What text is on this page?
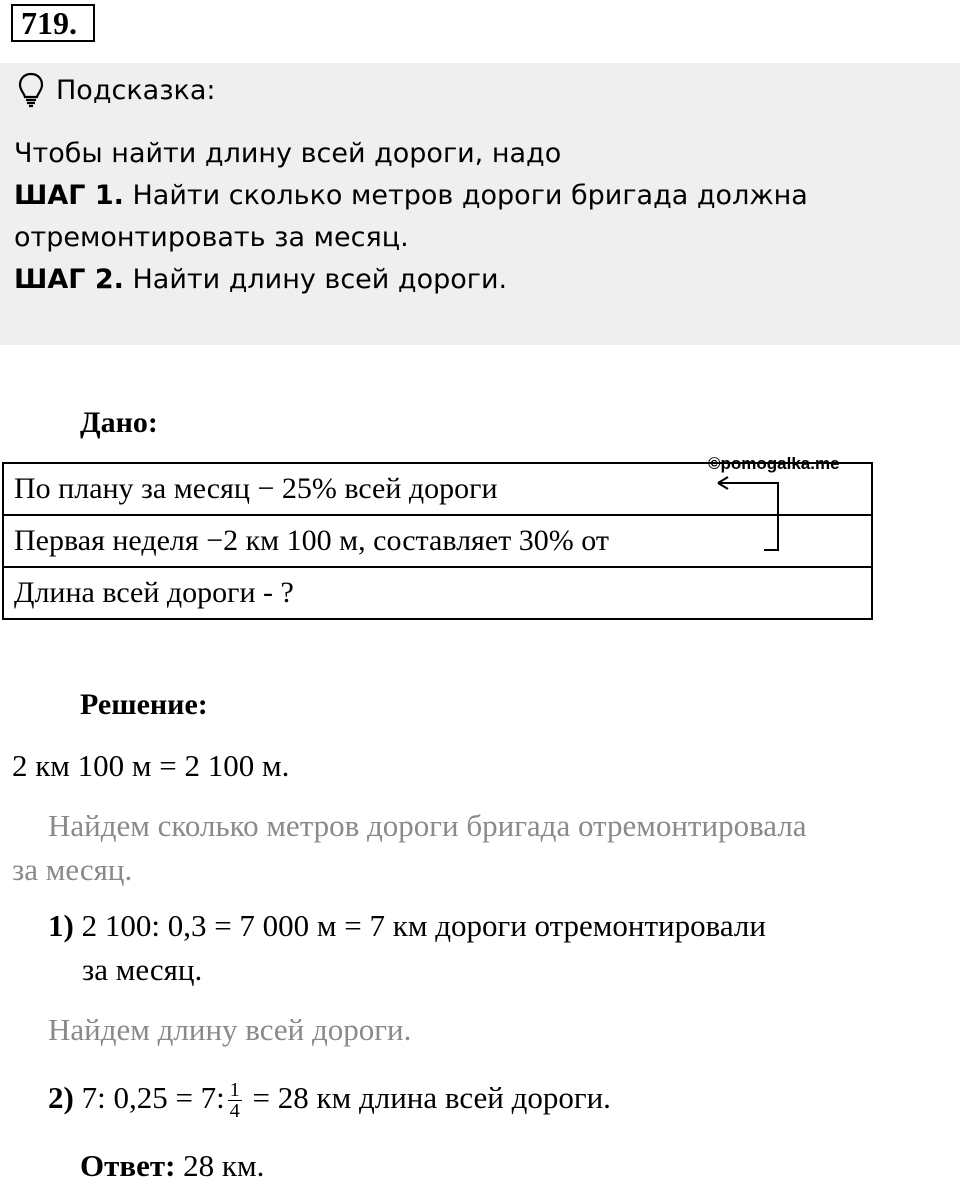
719.
Подсказка:
Чтобы найти длину всей дороги, надо
ШАГ 1. Найти сколько метров дороги бригада должна
отремонтировать за месяц.
ШАГ 2. Найти длину всей дороги.
Дано:
По плану за месяц − 25% всей дороги
Первая неделя −2 км 100 м, составляет 30% от
Длина всей дороги - ?
©pomogalka.me
Решение:
2 км 100 м = 2 100 м.
Найдем сколько метров дороги бригада отремонтировала
за месяц.
1) 2 100: 0,3 = 7 000 м = 7 км дороги отремонтировали
за месяц.
Найдем длину всей дороги.
2) 7: 0,25 = 7: $\frac{1}{4} = 28$ км длина всей дороги.
Ответ: 28 км.
